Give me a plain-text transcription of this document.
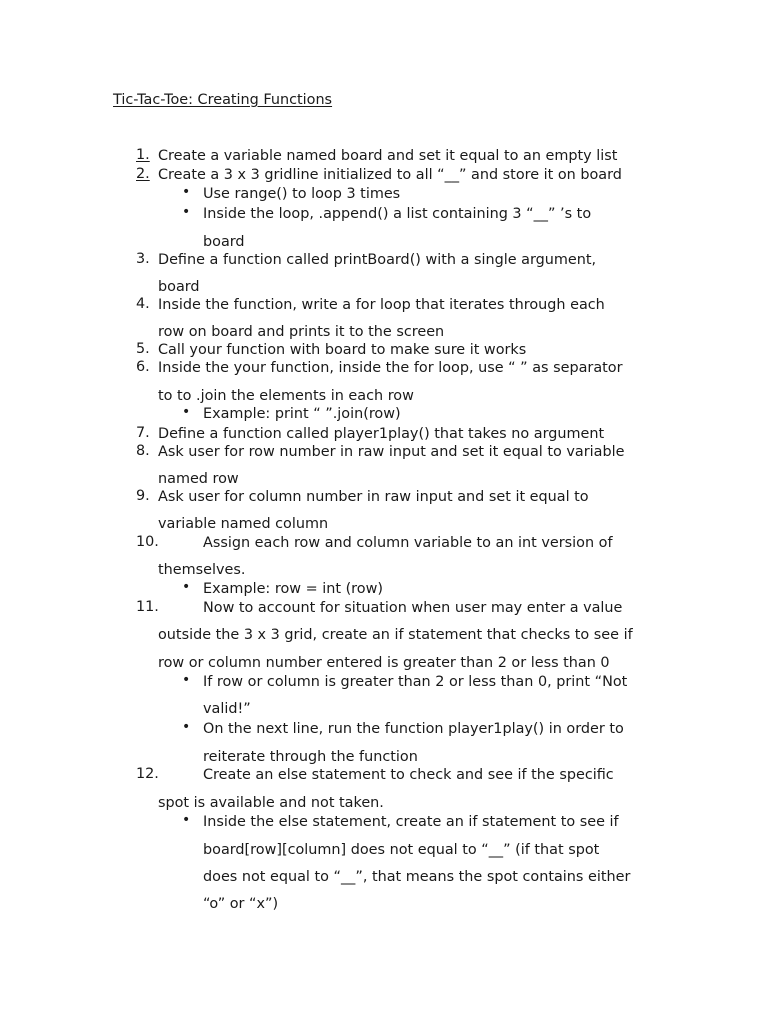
Tic-Tac-Toe: Creating Functions
1. Create a variable named board and set it equal to an empty list
2. Create a 3 x 3 gridline initialized to all “__” and store it on board
• Use range() to loop 3 times
• Inside the loop, .append() a list containing 3 “__” ’s to
board
3. Define a function called printBoard() with a single argument,
board
4. Inside the function, write a for loop that iterates through each
row on board and prints it to the screen
5. Call your function with board to make sure it works
6. Inside the your function, inside the for loop, use “ ” as separator
to to .join the elements in each row
• Example: print “ ”.join(row)
7. Define a function called player1play() that takes no argument
8. Ask user for row number in raw input and set it equal to variable
named row
9. Ask user for column number in raw input and set it equal to
variable named column
10.	Assign each row and column variable to an int version of
themselves.
• Example: row = int (row)
11.	Now to account for situation when user may enter a value
outside the 3 x 3 grid, create an if statement that checks to see if
row or column number entered is greater than 2 or less than 0
• If row or column is greater than 2 or less than 0, print “Not
valid!”
• On the next line, run the function player1play() in order to
reiterate through the function
12.	Create an else statement to check and see if the specific
spot is available and not taken.
• Inside the else statement, create an if statement to see if
board[row][column] does not equal to “__” (if that spot
does not equal to “__”, that means the spot contains either
“o” or “x”)
